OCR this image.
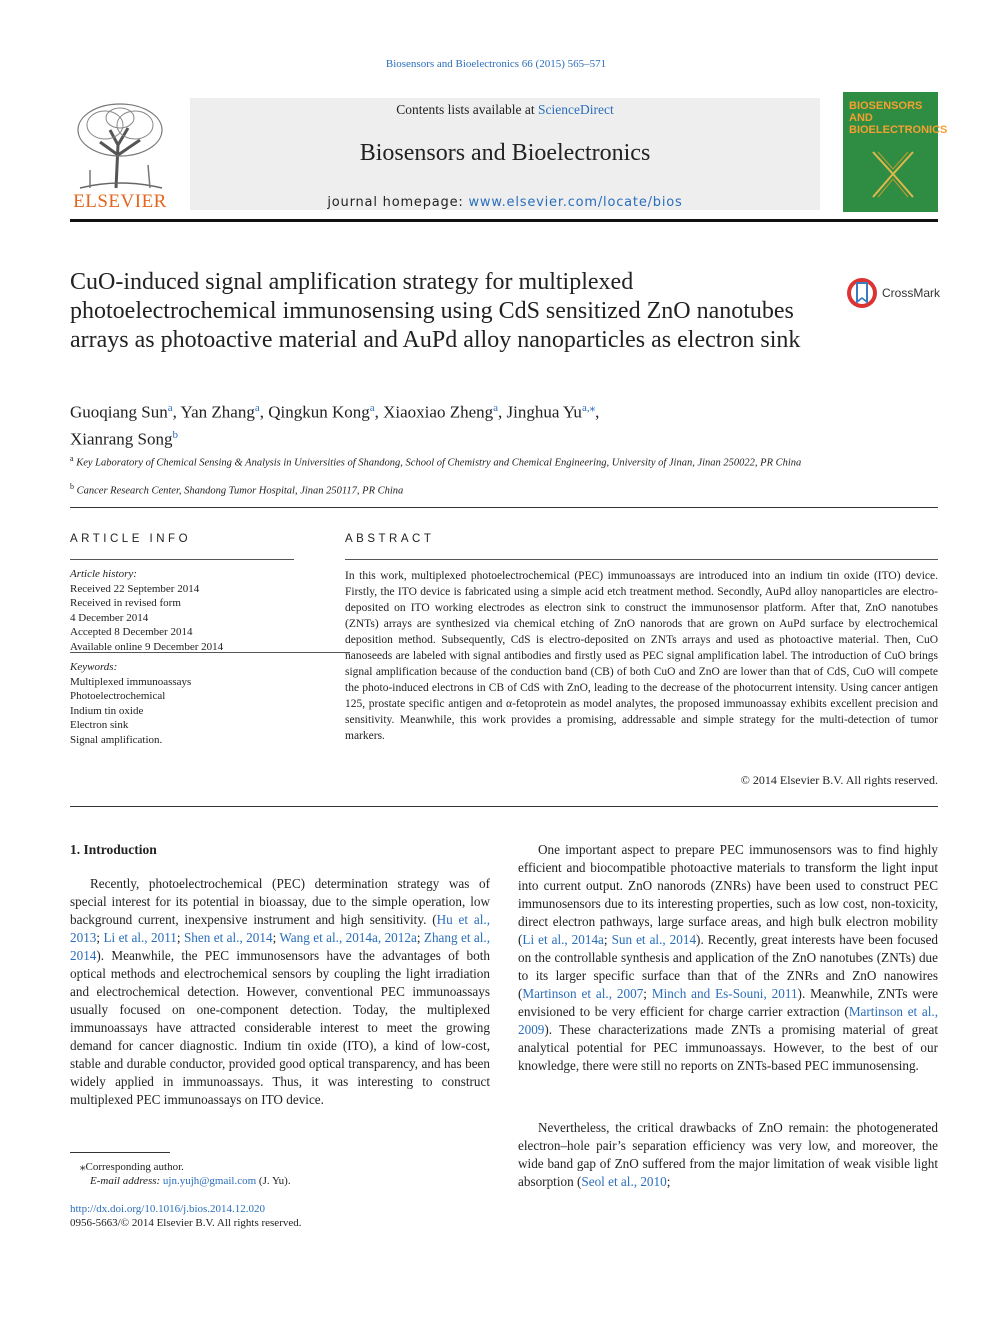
Biosensors and Bioelectronics 66 (2015) 565–571
ELSEVIER
Contents lists available at ScienceDirect
Biosensors and Bioelectronics
journal homepage: www.elsevier.com/locate/bios
BIOSENSORS AND BIOELECTRONICS
CuO-induced signal amplification strategy for multiplexed photoelectrochemical immunosensing using CdS sensitized ZnO nanotubes arrays as photoactive material and AuPd alloy nanoparticles as electron sink
CrossMark
Guoqiang Sun$^a$, Yan Zhang$^a$, Qingkun Kong$^a$, Xiaoxiao Zheng$^a$, Jinghua $Yu^{a,⁎}$,
Xianrang Song$^b$
$^a$ Key Laboratory of Chemical Sensing & Analysis in Universities of Shandong, School of Chemistry and Chemical Engineering, University of Jinan, Jinan 250022, PR China
$^b$ Cancer Research Center, Shandong Tumor Hospital, Jinan 250117, PR China
ARTICLE INFO
Article history:
Received 22 September 2014
Received in revised form
4 December 2014
Accepted 8 December 2014
Available online 9 December 2014
Keywords:
Multiplexed immunoassays
Photoelectrochemical
Indium tin oxide
Electron sink
Signal amplification.
ABSTRACT
In this work, multiplexed photoelectrochemical (PEC) immunoassays are introduced into an indium tin oxide (ITO) device. Firstly, the ITO device is fabricated using a simple acid etch treatment method. Secondly, AuPd alloy nanoparticles are electro-deposited on ITO working electrodes as electron sink to construct the immunosensor platform. After that, ZnO nanotubes (ZNTs) arrays are synthesized via chemical etching of ZnO nanorods that are grown on AuPd surface by electrochemical deposition method. Subsequently, CdS is electro-deposited on ZNTs arrays and used as photoactive material. Then, CuO nanoseeds are labeled with signal antibodies and firstly used as PEC signal amplification label. The introduction of CuO brings signal amplification because of the conduction band (CB) of both CuO and ZnO are lower than that of CdS, CuO will compete the photo-induced electrons in CB of CdS with ZnO, leading to the decrease of the photocurrent intensity. Using cancer antigen 125, prostate specific antigen and α-fetoprotein as model analytes, the proposed immunoassay exhibits excellent precision and sensitivity. Meanwhile, this work provides a promising, addressable and simple strategy for the multi-detection of tumor markers.
© 2014 Elsevier B.V. All rights reserved.
1. Introduction
Recently, photoelectrochemical (PEC) determination strategy was of special interest for its potential in bioassay, due to the simple operation, low background current, inexpensive instrument and high sensitivity. (Hu et al., 2013; Li et al., 2011; Shen et al., 2014; Wang et al., 2014a, 2012a; Zhang et al., 2014). Meanwhile, the PEC immunosensors have the advantages of both optical methods and electrochemical sensors by coupling the light irradiation and electrochemical detection. However, conventional PEC immunoassays usually focused on one-component detection. Today, the multiplexed immunoassays have attracted considerable interest to meet the growing demand for cancer diagnostic. Indium tin oxide (ITO), a kind of low-cost, stable and durable conductor, provided good optical transparency, and has been widely applied in immunoassays. Thus, it was interesting to construct multiplexed PEC immunoassays on ITO device.
One important aspect to prepare PEC immunosensors was to find highly efficient and biocompatible photoactive materials to transform the light input into current output. ZnO nanorods (ZNRs) have been used to construct PEC immunosensors due to its interesting properties, such as low cost, non-toxicity, direct electron pathways, large surface areas, and high bulk electron mobility (Li et al., 2014a; Sun et al., 2014). Recently, great interests have been focused on the controllable synthesis and application of the ZnO nanotubes (ZNTs) due to its larger specific surface than that of the ZNRs and ZnO nanowires (Martinson et al., 2007; Minch and Es-Souni, 2011). Meanwhile, ZNTs were envisioned to be very efficient for charge carrier extraction (Martinson et al., 2009). These characterizations made ZNTs a promising material of great analytical potential for PEC immunoassays. However, to the best of our knowledge, there were still no reports on ZNTs-based PEC immunosensing.
Nevertheless, the critical drawbacks of ZnO remain: the photogenerated electron–hole pair’s separation efficiency was very low, and moreover, the wide band gap of ZnO suffered from the major limitation of weak visible light absorption (Seol et al., 2010;
⁎Corresponding author.
E-mail address: ujn.yujh@gmail.com (J. Yu).
http://dx.doi.org/10.1016/j.bios.2014.12.020
0956-5663/© 2014 Elsevier B.V. All rights reserved.
